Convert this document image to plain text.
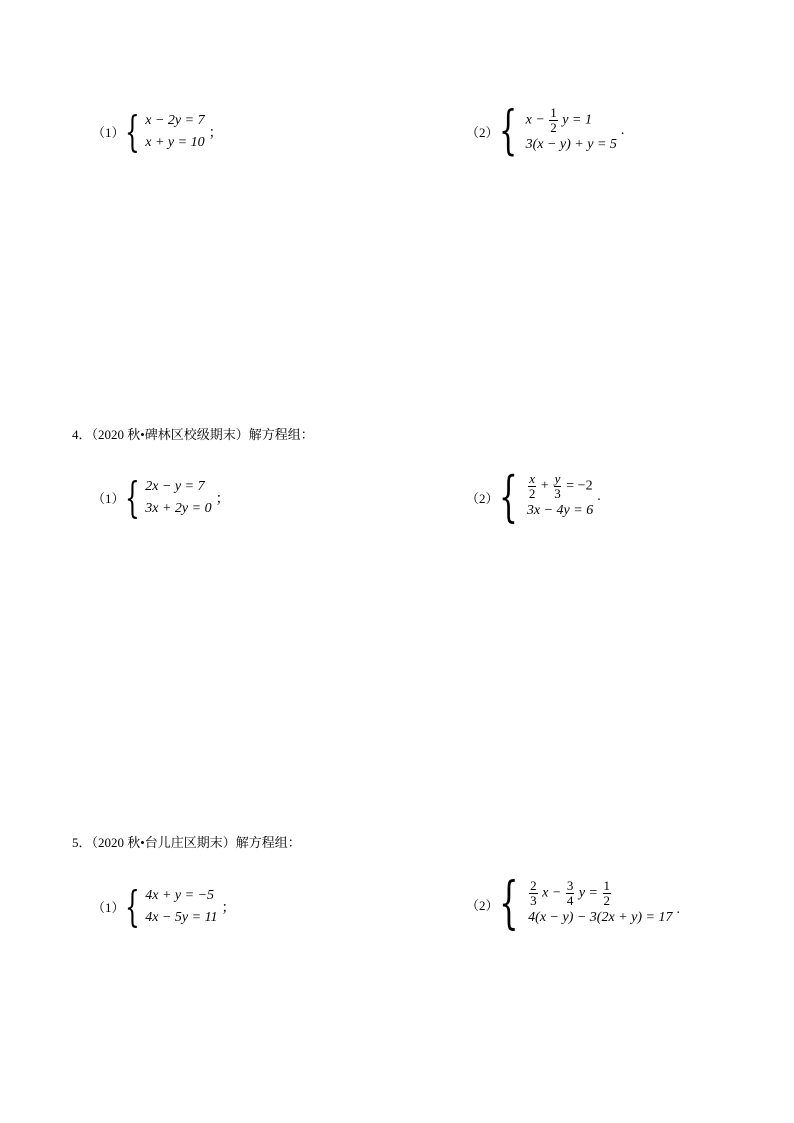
（1） { x − 2y = 7
x + y = 10
；	（2） { $x - \frac{1}{2}$ y = 1
3(x − y) + y = 5
.
4．（2020 秋•碑林区校级期末）解方程组：
（1） { 2x − y = 7
3x + 2y = 0
；	（2） { $\frac{x}{2} + \frac{y}{3} = -2$
3x − 4y = 6
.
5．（2020 秋•台儿庄区期末）解方程组：
（1） { 4x + y = −5
4x − 5y = 11
；	（2） { $\frac{2}{3}$ $x - \frac{3}{4}$ $y = \frac{1}{2}$
4(x − y) − 3(2x + y) = 17
.
